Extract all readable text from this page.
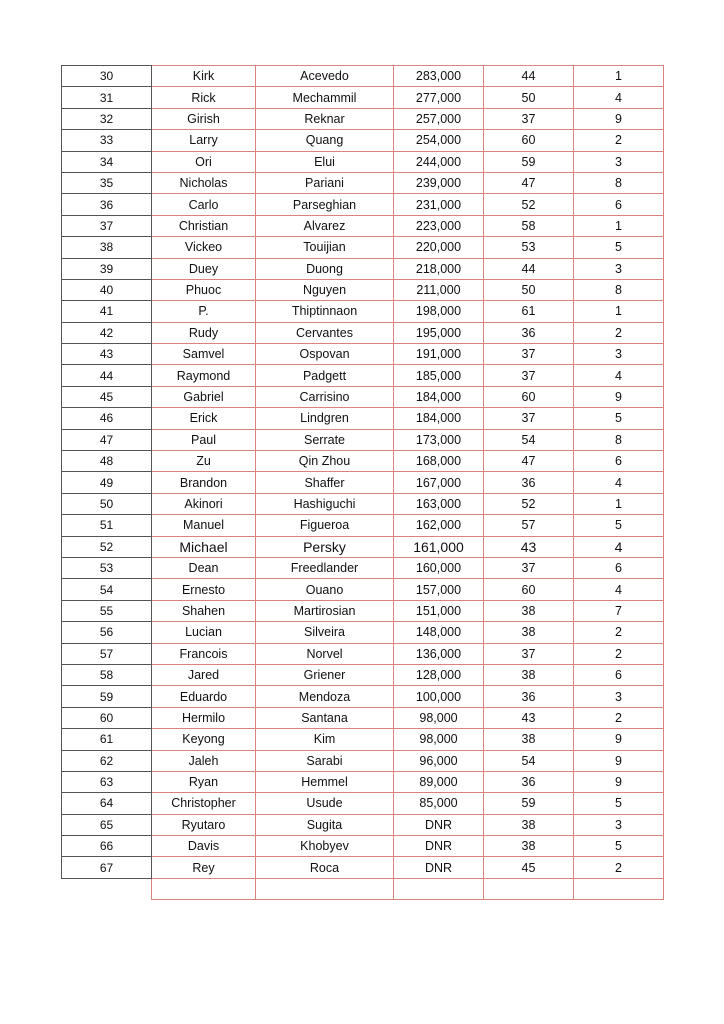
30	Kirk	Acevedo	283,000	44	1
31	Rick	Mechammil	277,000	50	4
32	Girish	Reknar	257,000	37	9
33	Larry	Quang	254,000	60	2
34	Ori	Elui	244,000	59	3
35	Nicholas	Pariani	239,000	47	8
36	Carlo	Parseghian	231,000	52	6
37	Christian	Alvarez	223,000	58	1
38	Vickeo	Touijian	220,000	53	5
39	Duey	Duong	218,000	44	3
40	Phuoc	Nguyen	211,000	50	8
41	P.	Thiptinnaon	198,000	61	1
42	Rudy	Cervantes	195,000	36	2
43	Samvel	Ospovan	191,000	37	3
44	Raymond	Padgett	185,000	37	4
45	Gabriel	Carrisino	184,000	60	9
46	Erick	Lindgren	184,000	37	5
47	Paul	Serrate	173,000	54	8
48	Zu	Qin Zhou	168,000	47	6
49	Brandon	Shaffer	167,000	36	4
50	Akinori	Hashiguchi	163,000	52	1
51	Manuel	Figueroa	162,000	57	5
52	Michael	Persky	161,000	43	4
53	Dean	Freedlander	160,000	37	6
54	Ernesto	Ouano	157,000	60	4
55	Shahen	Martirosian	151,000	38	7
56	Lucian	Silveira	148,000	38	2
57	Francois	Norvel	136,000	37	2
58	Jared	Griener	128,000	38	6
59	Eduardo	Mendoza	100,000	36	3
60	Hermilo	Santana	98,000	43	2
61	Keyong	Kim	98,000	38	9
62	Jaleh	Sarabi	96,000	54	9
63	Ryan	Hemmel	89,000	36	9
64	Christopher	Usude	85,000	59	5
65	Ryutaro	Sugita	DNR	38	3
66	Davis	Khobyev	DNR	38	5
67	Rey	Roca	DNR	45	2
